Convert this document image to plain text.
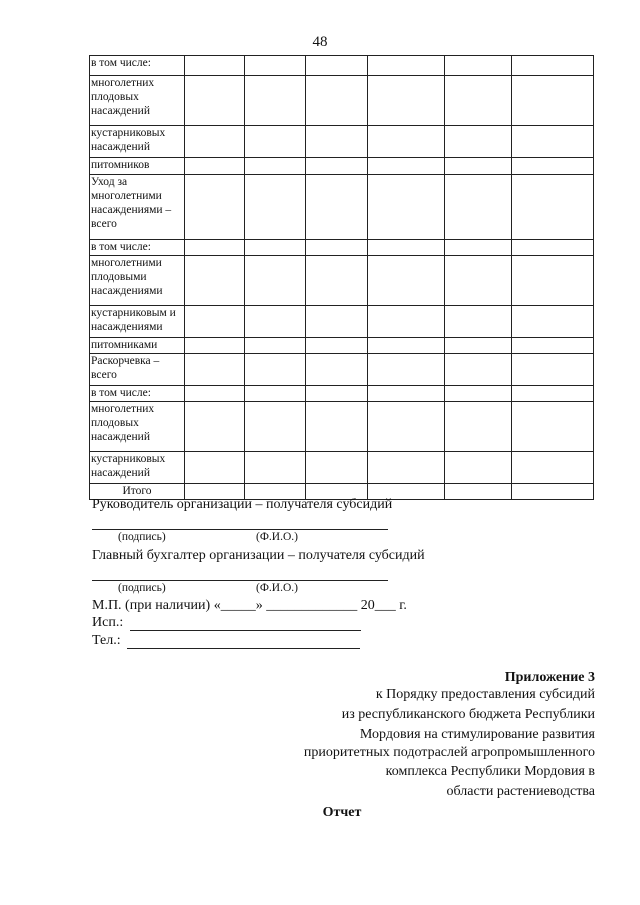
48
в том числе:						
многолетних плодовых насаждений						
кустарниковых насаждений						
питомников						
Уход за многолетними насаждениями – всего						
в том числе:						
многолетними плодовыми насаждениями						
кустарниковым и насаждениями						
питомниками						
Раскорчевка – всего						
в том числе:						
многолетних плодовых насаждений						
кустарниковых насаждений						
Итого						
Руководитель организации – получателя субсидий
(подпись)	(Ф.И.О.)
Главный бухгалтер организации – получателя субсидий
(подпись)	(Ф.И.О.)
М.П. (при наличии) «_____» _____________ 20___ г.
Исп.:
Тел.:
Приложение 3
к Порядку предоставления субсидий
из республиканского бюджета Республики
Мордовия на стимулирование развития
приоритетных подотраслей агропромышленного
комплекса Республики Мордовия в
области растениеводства
Отчет
